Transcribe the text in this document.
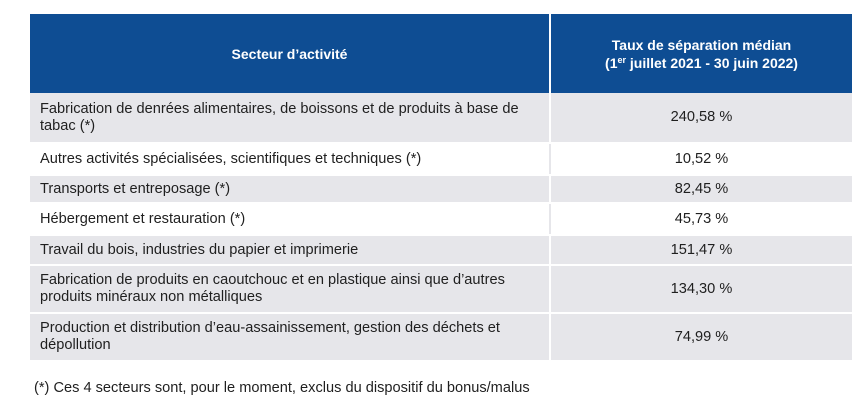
Secteur d’activité	Taux de séparation médian
(1er juillet 2021 - 30 juin 2022)
Fabrication de denrées alimentaires, de boissons et de produits à base de tabac (*)	240,58 %
Autres activités spécialisées, scientifiques et techniques (*)	10,52 %
Transports et entreposage (*)	82,45 %
Hébergement et restauration (*)	45,73 %
Travail du bois, industries du papier et imprimerie	151,47 %
Fabrication de produits en caoutchouc et en plastique ainsi que d’autres produits minéraux non métalliques	134,30 %
Production et distribution d’eau-assainissement, gestion des déchets et dépollution	74,99 %
(*) Ces 4 secteurs sont, pour le moment, exclus du dispositif du bonus/malus
